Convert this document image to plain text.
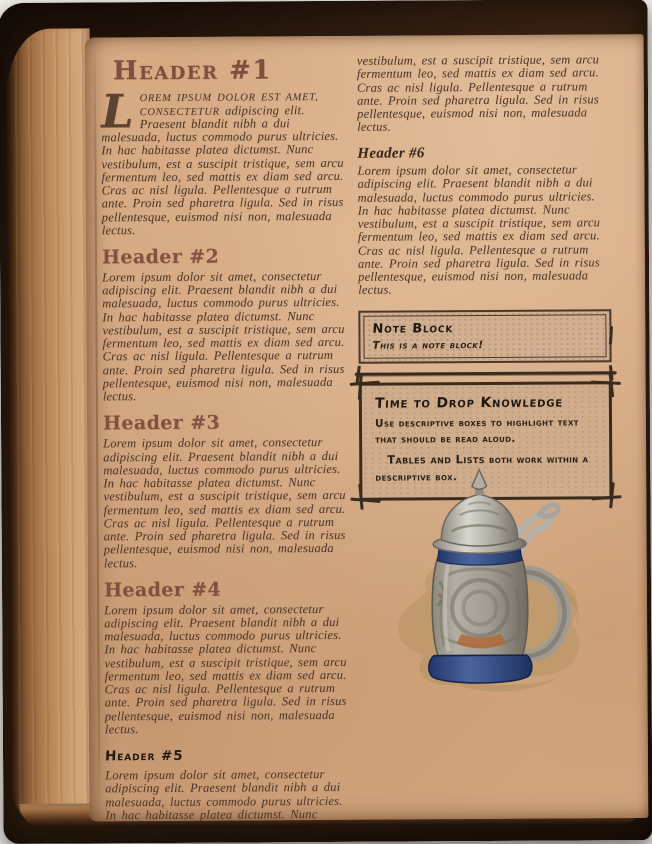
Header #1

LOREM IPSUM DOLOR EST AMET, CONSECTETUR adipiscing elit. Praesent blandit nibh a dui malesuada, luctus commodo purus ultricies. In hac habitasse platea dictumst. Nunc vestibulum, est a suscipit tristique, sem arcu fermentum leo, sed mattis ex diam sed arcu. Cras ac nisl ligula. Pellentesque a rutrum ante. Proin sed pharetra ligula. Sed in risus pellentesque, euismod nisi non, malesuada lectus.

Header #2

Lorem ipsum dolor sit amet, consectetur adipiscing elit. Praesent blandit nibh a dui malesuada, luctus commodo purus ultricies. In hac habitasse platea dictumst. Nunc vestibulum, est a suscipit tristique, sem arcu fermentum leo, sed mattis ex diam sed arcu. Cras ac nisl ligula. Pellentesque a rutrum ante. Proin sed pharetra ligula. Sed in risus pellentesque, euismod nisi non, malesuada lectus.

Header #3

Lorem ipsum dolor sit amet, consectetur adipiscing elit. Praesent blandit nibh a dui malesuada, luctus commodo purus ultricies. In hac habitasse platea dictumst. Nunc vestibulum, est a suscipit tristique, sem arcu fermentum leo, sed mattis ex diam sed arcu. Cras ac nisl ligula. Pellentesque a rutrum ante. Proin sed pharetra ligula. Sed in risus pellentesque, euismod nisi non, malesuada lectus.

Header #4

Lorem ipsum dolor sit amet, consectetur adipiscing elit. Praesent blandit nibh a dui malesuada, luctus commodo purus ultricies. In hac habitasse platea dictumst. Nunc vestibulum, est a suscipit tristique, sem arcu fermentum leo, sed mattis ex diam sed arcu. Cras ac nisl ligula. Pellentesque a rutrum ante. Proin sed pharetra ligula. Sed in risus pellentesque, euismod nisi non, malesuada lectus.

Header #5

Lorem ipsum dolor sit amet, consectetur adipiscing elit. Praesent blandit nibh a dui malesuada, luctus commodo purus ultricies. In hac habitasse platea dictumst. Nunc

vestibulum, est a suscipit tristique, sem arcu fermentum leo, sed mattis ex diam sed arcu. Cras ac nisl ligula. Pellentesque a rutrum ante. Proin sed pharetra ligula. Sed in risus pellentesque, euismod nisi non, malesuada lectus.

Header #6

Lorem ipsum dolor sit amet, consectetur adipiscing elit. Praesent blandit nibh a dui malesuada, luctus commodo purus ultricies. In hac habitasse platea dictumst. Nunc vestibulum, est a suscipit tristique, sem arcu fermentum leo, sed mattis ex diam sed arcu. Cras ac nisl ligula. Pellentesque a rutrum ante. Proin sed pharetra ligula. Sed in risus pellentesque, euismod nisi non, malesuada lectus.

Note Block
This is a note block!
Time to Drop Knowledge
Use descriptive boxes to highlight text that should be read aloud.
Tables and Lists both work within a descriptive box.
